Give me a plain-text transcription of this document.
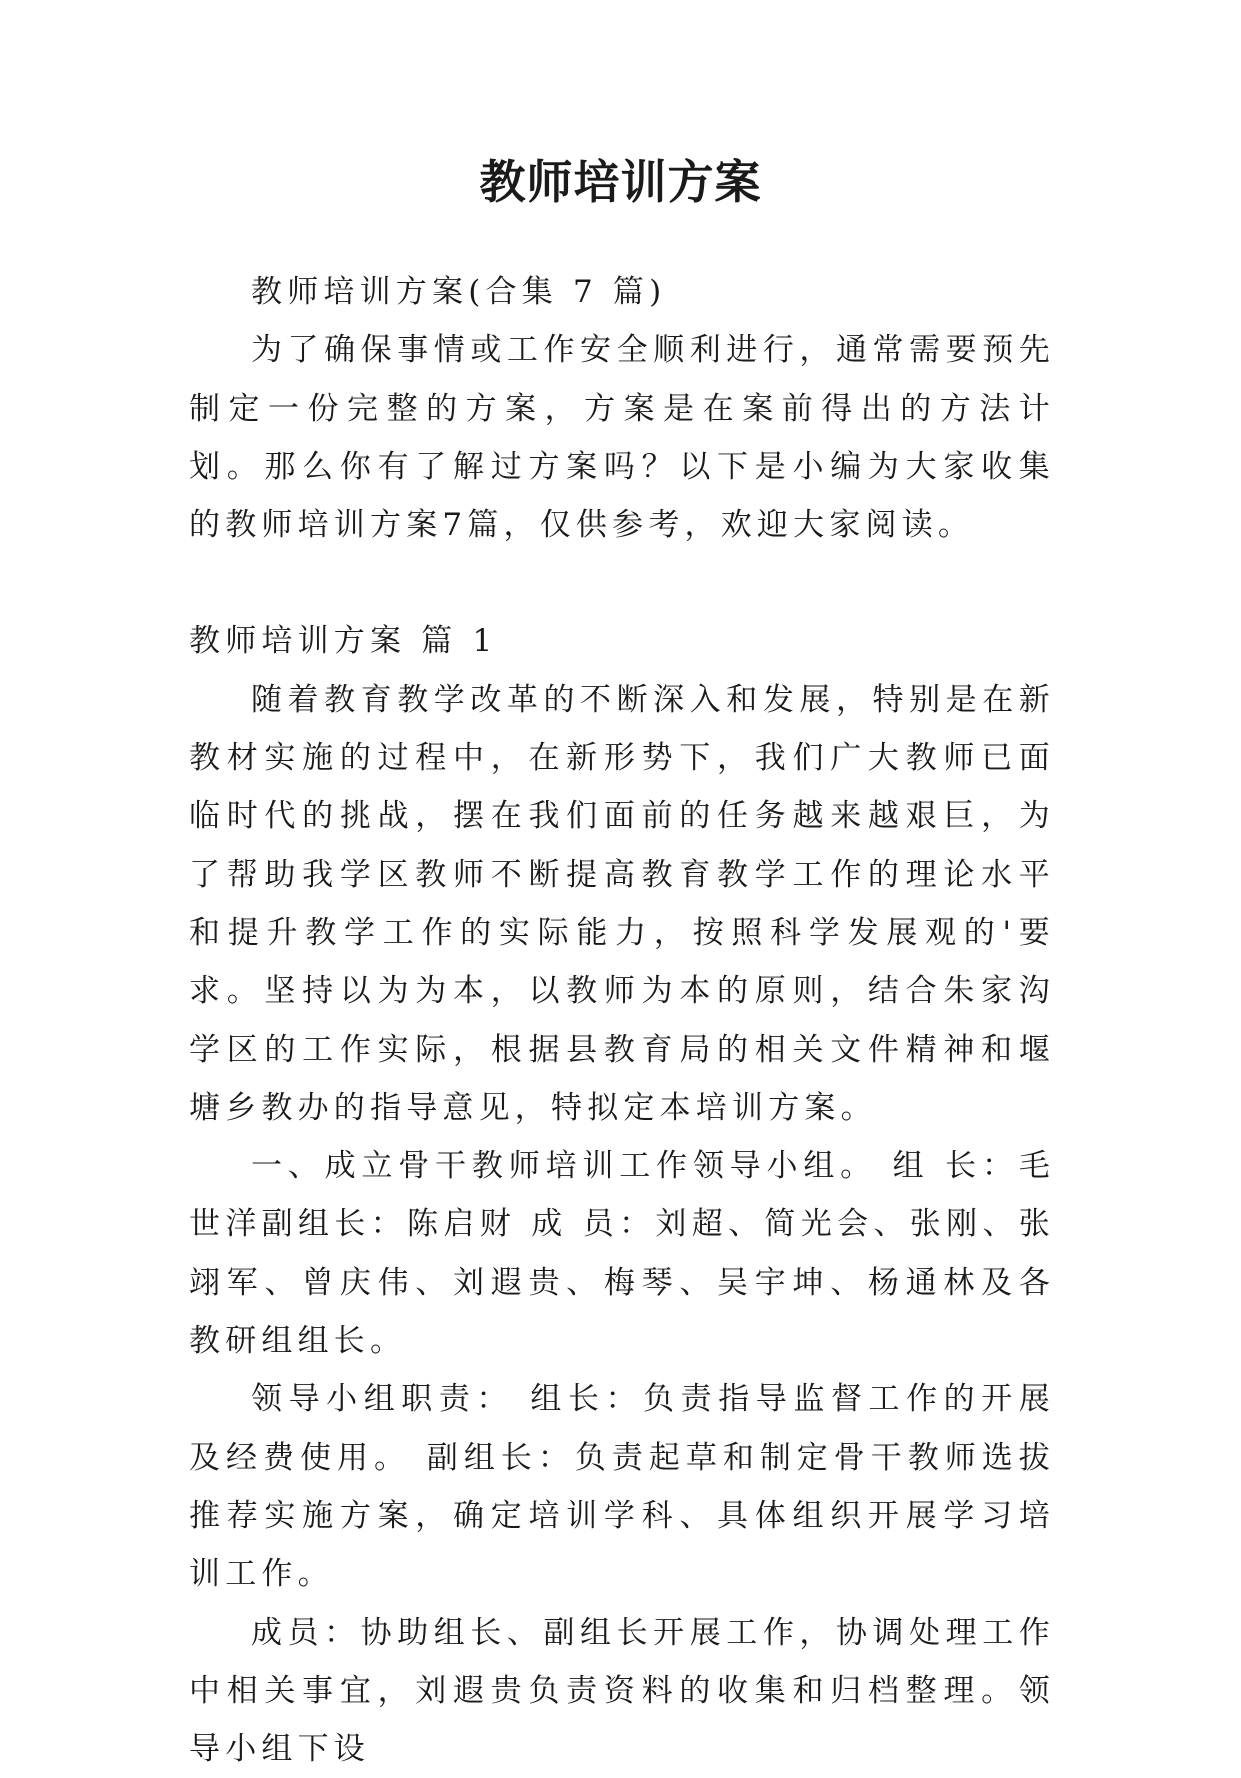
教师培训方案

教师培训方案(合集 7 篇)

为了确保事情或工作安全顺利进行，通常需要预先制定一份完整的方案，方案是在案前得出的方法计划。那么你有了解过方案吗？以下是小编为大家收集的教师培训方案7篇，仅供参考，欢迎大家阅读。

教师培训方案 篇 1

随着教育教学改革的不断深入和发展，特别是在新教材实施的过程中，在新形势下，我们广大教师已面临时代的挑战，摆在我们面前的任务越来越艰巨，为了帮助我学区教师不断提高教育教学工作的理论水平和提升教学工作的实际能力，按照科学发展观的'要求。坚持以为为本，以教师为本的原则，结合朱家沟学区的工作实际，根据县教育局的相关文件精神和堰塘乡教办的指导意见，特拟定本培训方案。

一、成立骨干教师培训工作领导小组。 组 长：毛世洋副组长：陈启财 成 员：刘超、简光会、张刚、张翊军、曾庆伟、刘遐贵、梅琴、吴宇坤、杨通林及各教研组组长。

领导小组职责： 组长：负责指导监督工作的开展及经费使用。 副组长：负责起草和制定骨干教师选拔推荐实施方案，确定培训学科、具体组织开展学习培训工作。

成员：协助组长、副组长开展工作，协调处理工作中相关事宜，刘遐贵负责资料的收集和归档整理。领导小组下设
